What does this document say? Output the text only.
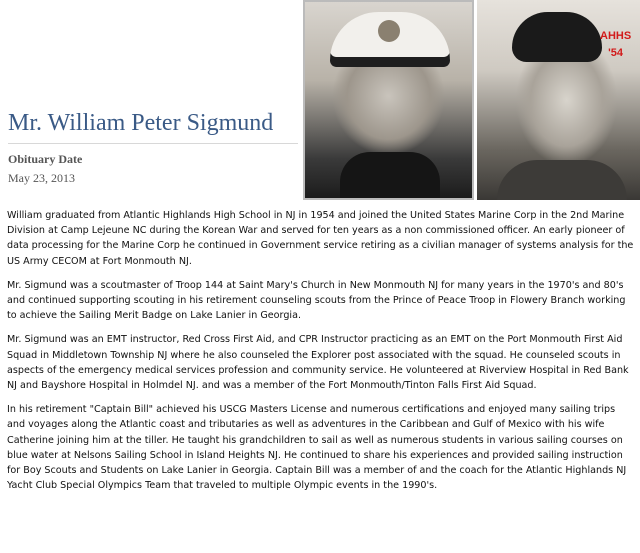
Mr. William Peter Sigmund
Obituary Date
May 23, 2013
AHHS
'54

William graduated from Atlantic Highlands High School in NJ in 1954 and joined the United States Marine Corp in the 2nd Marine Division at Camp Lejeune NC during the Korean War and served for ten years as a non commissioned officer. An early pioneer of data processing for the Marine Corp he continued in Government service retiring as a civilian manager of systems analysis for the US Army CECOM at Fort Monmouth NJ.

Mr. Sigmund was a scoutmaster of Troop 144 at Saint Mary's Church in New Monmouth NJ for many years in the 1970's and 80's and continued supporting scouting in his retirement counseling scouts from the Prince of Peace Troop in Flowery Branch working to achieve the Sailing Merit Badge on Lake Lanier in Georgia.

Mr. Sigmund was an EMT instructor, Red Cross First Aid, and CPR Instructor practicing as an EMT on the Port Monmouth First Aid Squad in Middletown Township NJ where he also counseled the Explorer post associated with the squad. He counseled scouts in aspects of the emergency medical services profession and community service. He volunteered at Riverview Hospital in Red Bank NJ and Bayshore Hospital in Holmdel NJ. and was a member of the Fort Monmouth/Tinton Falls First Aid Squad.

In his retirement "Captain Bill" achieved his USCG Masters License and numerous certifications and enjoyed many sailing trips and voyages along the Atlantic coast and tributaries as well as adventures in the Caribbean and Gulf of Mexico with his wife Catherine joining him at the tiller. He taught his grandchildren to sail as well as numerous students in various sailing courses on blue water at Nelsons Sailing School in Island Heights NJ. He continued to share his experiences and provided sailing instruction for Boy Scouts and Students on Lake Lanier in Georgia. Captain Bill was a member of and the coach for the Atlantic Highlands NJ Yacht Club Special Olympics Team that traveled to multiple Olympic events in the 1990's.
